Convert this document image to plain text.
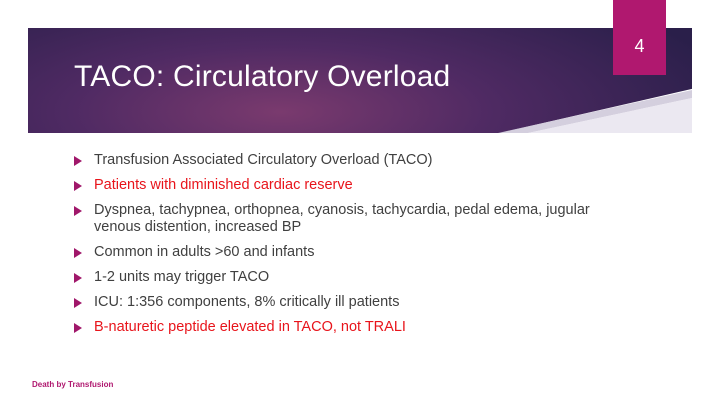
TACO: Circulatory Overload
4
Transfusion Associated Circulatory Overload (TACO)
Patients with diminished cardiac reserve
Dyspnea, tachypnea, orthopnea, cyanosis, tachycardia, pedal edema, jugular venous distention, increased BP
Common in adults >60 and infants
1-2 units may trigger TACO
ICU: 1:356 components, 8% critically ill patients
B-naturetic peptide elevated in TACO, not TRALI
Death by Transfusion
